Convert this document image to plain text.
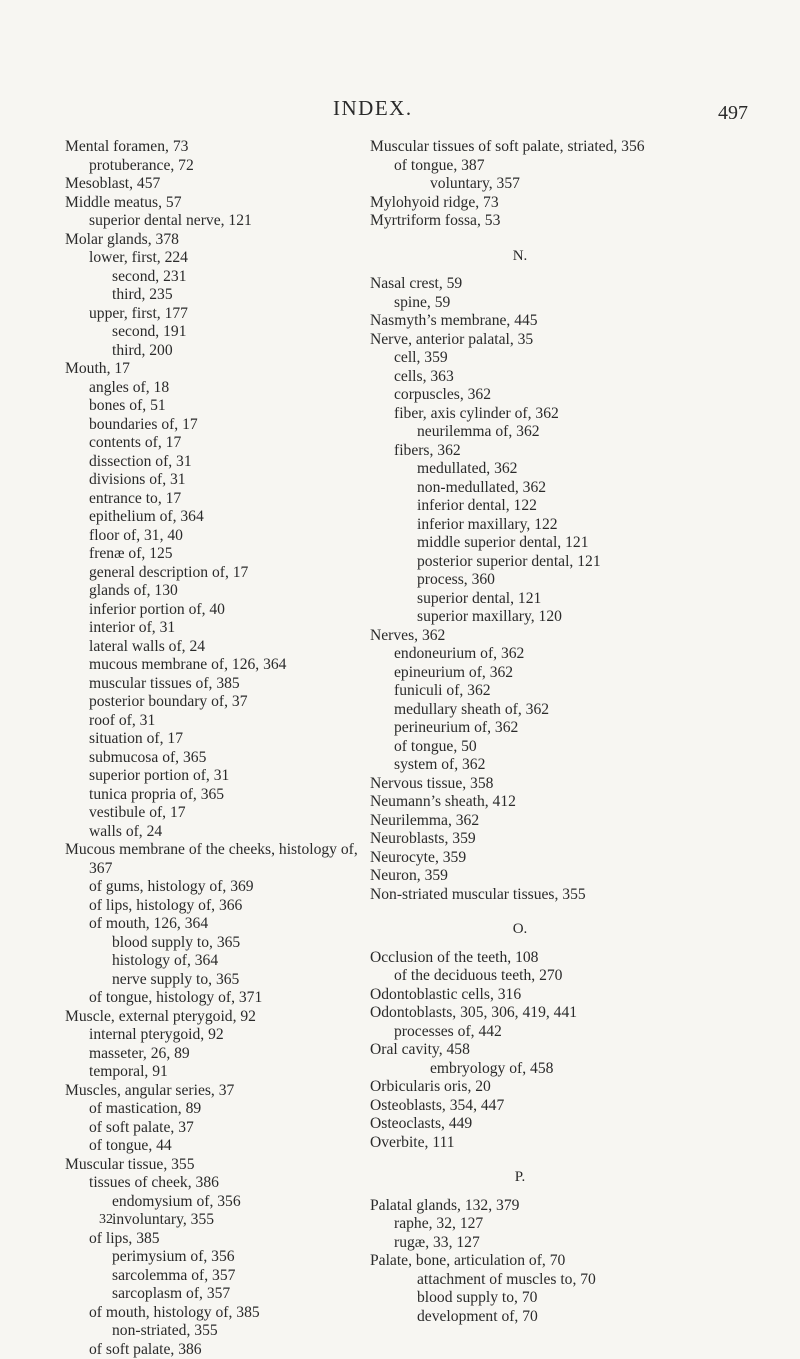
INDEX.	497
Mental foramen, 73
protuberance, 72
Mesoblast, 457
Middle meatus, 57
superior dental nerve, 121
Molar glands, 378
lower, first, 224
second, 231
third, 235
upper, first, 177
second, 191
third, 200
Mouth, 17
angles of, 18
bones of, 51
boundaries of, 17
contents of, 17
dissection of, 31
divisions of, 31
entrance to, 17
epithelium of, 364
floor of, 31, 40
frenæ of, 125
general description of, 17
glands of, 130
inferior portion of, 40
interior of, 31
lateral walls of, 24
mucous membrane of, 126, 364
muscular tissues of, 385
posterior boundary of, 37
roof of, 31
situation of, 17
submucosa of, 365
superior portion of, 31
tunica propria of, 365
vestibule of, 17
walls of, 24
Mucous membrane of the cheeks, histology of,
367
of gums, histology of, 369
of lips, histology of, 366
of mouth, 126, 364
blood supply to, 365
histology of, 364
nerve supply to, 365
of tongue, histology of, 371
Muscle, external pterygoid, 92
internal pterygoid, 92
masseter, 26, 89
temporal, 91
Muscles, angular series, 37
of mastication, 89
of soft palate, 37
of tongue, 44
Muscular tissue, 355
tissues of cheek, 386
endomysium of, 356
involuntary, 355
of lips, 385
perimysium of, 356
sarcolemma of, 357
sarcoplasm of, 357
of mouth, histology of, 385
non-striated, 355
of soft palate, 386
Muscular tissues of soft palate, striated, 356
of tongue, 387
voluntary, 357
Mylohyoid ridge, 73
Myrtriform fossa, 53
N.
Nasal crest, 59
spine, 59
Nasmyth’s membrane, 445
Nerve, anterior palatal, 35
cell, 359
cells, 363
corpuscles, 362
fiber, axis cylinder of, 362
neurilemma of, 362
fibers, 362
medullated, 362
non-medullated, 362
inferior dental, 122
inferior maxillary, 122
middle superior dental, 121
posterior superior dental, 121
process, 360
superior dental, 121
superior maxillary, 120
Nerves, 362
endoneurium of, 362
epineurium of, 362
funiculi of, 362
medullary sheath of, 362
perineurium of, 362
of tongue, 50
system of, 362
Nervous tissue, 358
Neumann’s sheath, 412
Neurilemma, 362
Neuroblasts, 359
Neurocyte, 359
Neuron, 359
Non-striated muscular tissues, 355
O.
Occlusion of the teeth, 108
of the deciduous teeth, 270
Odontoblastic cells, 316
Odontoblasts, 305, 306, 419, 441
processes of, 442
Oral cavity, 458
embryology of, 458
Orbicularis oris, 20
Osteoblasts, 354, 447
Osteoclasts, 449
Overbite, 111
P.
Palatal glands, 132, 379
raphe, 32, 127
rugæ, 33, 127
Palate, bone, articulation of, 70
attachment of muscles to, 70
blood supply to, 70
development of, 70
32
